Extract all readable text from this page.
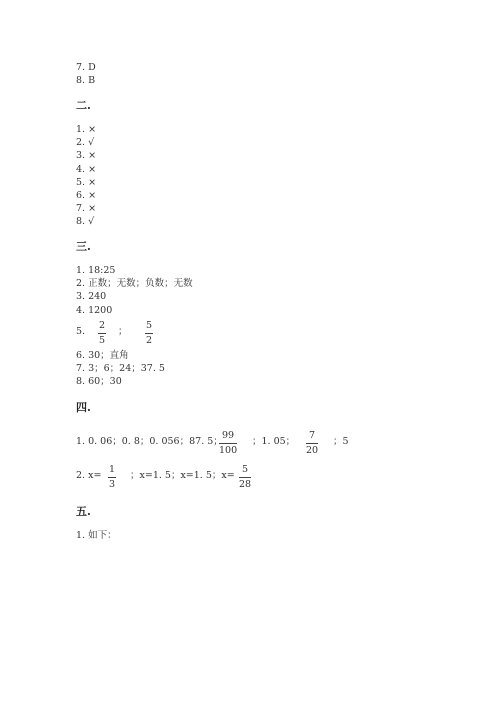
7. D
8. B
二.
1. ×
2. √
3. ×
4. ×
5. ×
6. ×
7. ×
8. √
三.
1. 18:25
2. 正数；无数；负数；无数
3. 240
4. 1200
5.
2
5
；
5
2
6. 30；直角
7. 3；6；24；37. 5
8. 60；30
四.
1. 0. 06；0. 8；0. 056；87. 5；
99
100
；1. 05；
7
20
；5
2. x=
1
3
；x=1. 5；x=1. 5；x=
5
28
五.
1. 如下：
